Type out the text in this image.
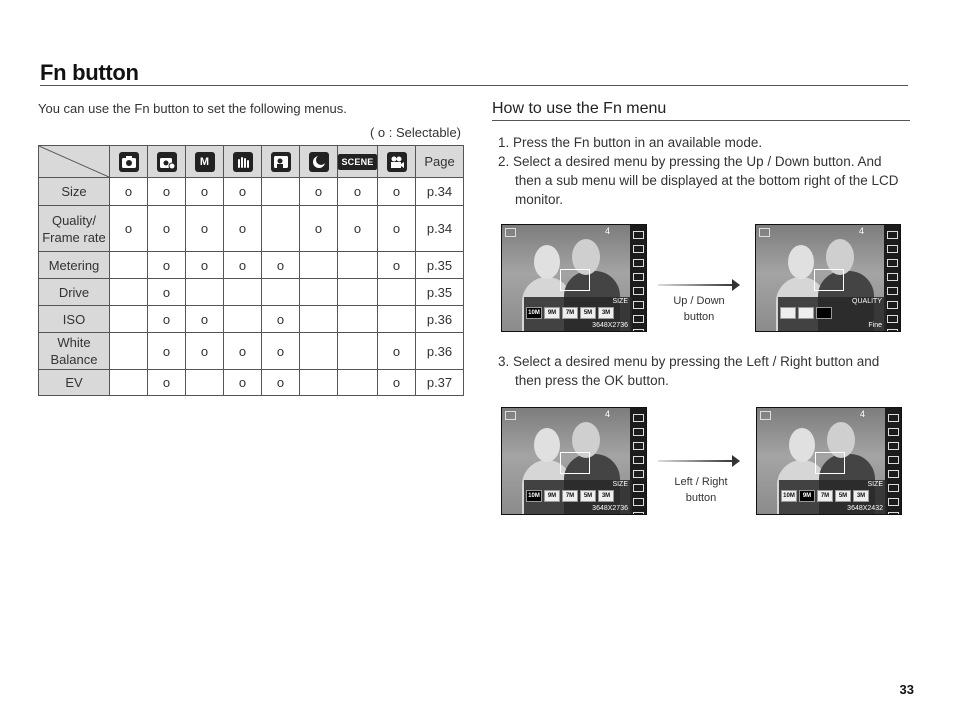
Fn button
You can use the Fn button to set the following menus.
( o : Selectable)

	M				SCENE		Page
Size	o	o	o	o		o	o	o	p.34
Quality/
Frame rate	o	o	o	o		o	o	o	p.34
Metering		o	o	o	o			o	p.35
Drive		o							p.35
ISO		o	o		o				p.36
White
Balance		o	o	o	o			o	p.36
EV		o		o	o			o	p.37
How to use the Fn menu

1. Press the Fn button in an available mode.

2. Select a desired menu by pressing the Up / Down button. And then a sub menu will be displayed at the bottom right of the LCD monitor.

3. Select a desired menu by pressing the Left / Right button and then press the OK button.

4
SIZE
10M	9M	7M	5M	3M
3648X2736
Up / Down
button
4
QUALITY
Fine
4
SIZE
10M	9M	7M	5M	3M
3648X2736
Left / Right
button
4
SIZE
10M	9M	7M	5M	3M
3648X2432
33
